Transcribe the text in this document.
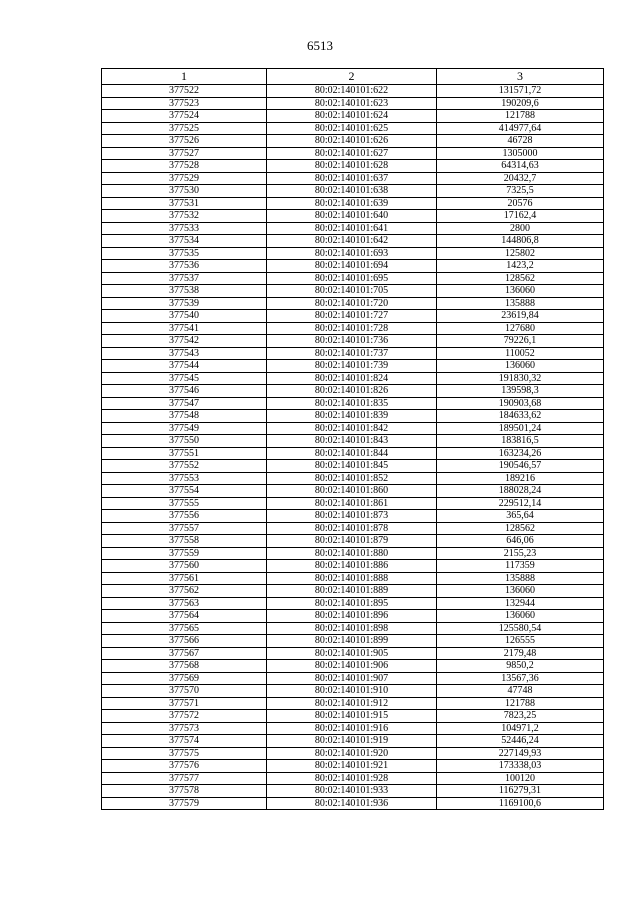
6513
1	2	3
377522	80:02:140101:622	131571,72
377523	80:02:140101:623	190209,6
377524	80:02:140101:624	121788
377525	80:02:140101:625	414977,64
377526	80:02:140101:626	46728
377527	80:02:140101:627	1305000
377528	80:02:140101:628	64314,63
377529	80:02:140101:637	20432,7
377530	80:02:140101:638	7325,5
377531	80:02:140101:639	20576
377532	80:02:140101:640	17162,4
377533	80:02:140101:641	2800
377534	80:02:140101:642	144806,8
377535	80:02:140101:693	125802
377536	80:02:140101:694	1423,2
377537	80:02:140101:695	128562
377538	80:02:140101:705	136060
377539	80:02:140101:720	135888
377540	80:02:140101:727	23619,84
377541	80:02:140101:728	127680
377542	80:02:140101:736	79226,1
377543	80:02:140101:737	110052
377544	80:02:140101:739	136060
377545	80:02:140101:824	191830,32
377546	80:02:140101:826	139598,3
377547	80:02:140101:835	190903,68
377548	80:02:140101:839	184633,62
377549	80:02:140101:842	189501,24
377550	80:02:140101:843	183816,5
377551	80:02:140101:844	163234,26
377552	80:02:140101:845	190546,57
377553	80:02:140101:852	189216
377554	80:02:140101:860	188028,24
377555	80:02:140101:861	229512,14
377556	80:02:140101:873	365,64
377557	80:02:140101:878	128562
377558	80:02:140101:879	646,06
377559	80:02:140101:880	2155,23
377560	80:02:140101:886	117359
377561	80:02:140101:888	135888
377562	80:02:140101:889	136060
377563	80:02:140101:895	132944
377564	80:02:140101:896	136060
377565	80:02:140101:898	125580,54
377566	80:02:140101:899	126555
377567	80:02:140101:905	2179,48
377568	80:02:140101:906	9850,2
377569	80:02:140101:907	13567,36
377570	80:02:140101:910	47748
377571	80:02:140101:912	121788
377572	80:02:140101:915	7823,25
377573	80:02:140101:916	104971,2
377574	80:02:140101:919	52446,24
377575	80:02:140101:920	227149,93
377576	80:02:140101:921	173338,03
377577	80:02:140101:928	100120
377578	80:02:140101:933	116279,31
377579	80:02:140101:936	1169100,6
